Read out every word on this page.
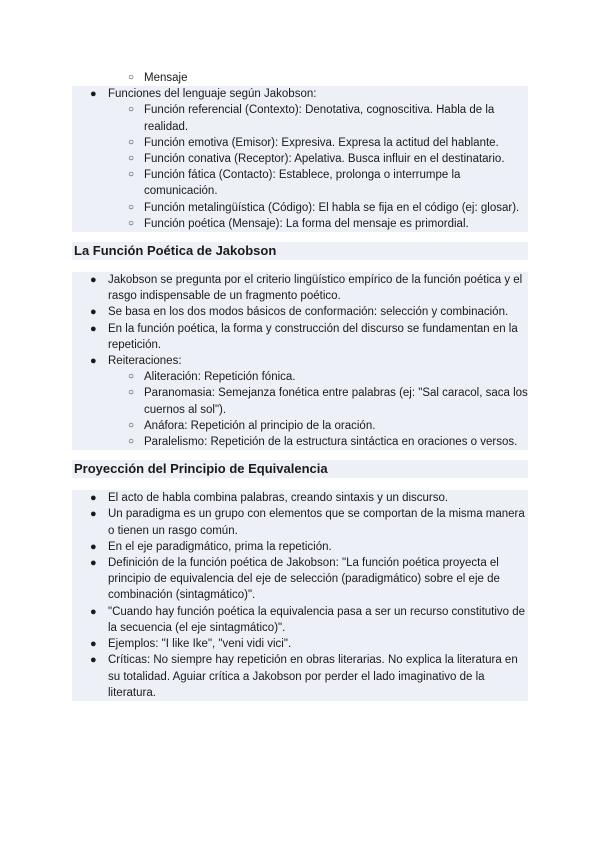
○ Mensaje
● Funciones del lenguaje según Jakobson:
○ Función referencial (Contexto): Denotativa, cognoscitiva. Habla de la realidad.
○ Función emotiva (Emisor): Expresiva. Expresa la actitud del hablante.
○ Función conativa (Receptor): Apelativa. Busca influir en el destinatario.
○ Función fática (Contacto): Establece, prolonga o interrumpe la comunicación.
○ Función metalingüística (Código): El habla se fija en el código (ej: glosar).
○ Función poética (Mensaje): La forma del mensaje es primordial.
La Función Poética de Jakobson
● Jakobson se pregunta por el criterio lingüístico empírico de la función poética y el rasgo indispensable de un fragmento poético.
● Se basa en los dos modos básicos de conformación: selección y combinación.
● En la función poética, la forma y construcción del discurso se fundamentan en la repetición.
● Reiteraciones:
○ Aliteración: Repetición fónica.
○ Paranomasia: Semejanza fonética entre palabras (ej: "Sal caracol, saca los cuernos al sol").
○ Anáfora: Repetición al principio de la oración.
○ Paralelismo: Repetición de la estructura sintáctica en oraciones o versos.
Proyección del Principio de Equivalencia
● El acto de habla combina palabras, creando sintaxis y un discurso.
● Un paradigma es un grupo con elementos que se comportan de la misma manera o tienen un rasgo común.
● En el eje paradigmático, prima la repetición.
● Definición de la función poética de Jakobson: "La función poética proyecta el principio de equivalencia del eje de selección (paradigmático) sobre el eje de combinación (sintagmático)".
● "Cuando hay función poética la equivalencia pasa a ser un recurso constitutivo de la secuencia (el eje sintagmático)".
● Ejemplos: "I like Ike", "veni vidi vici".
● Críticas: No siempre hay repetición en obras literarias. No explica la literatura en su totalidad. Aguiar crítica a Jakobson por perder el lado imaginativo de la literatura.
